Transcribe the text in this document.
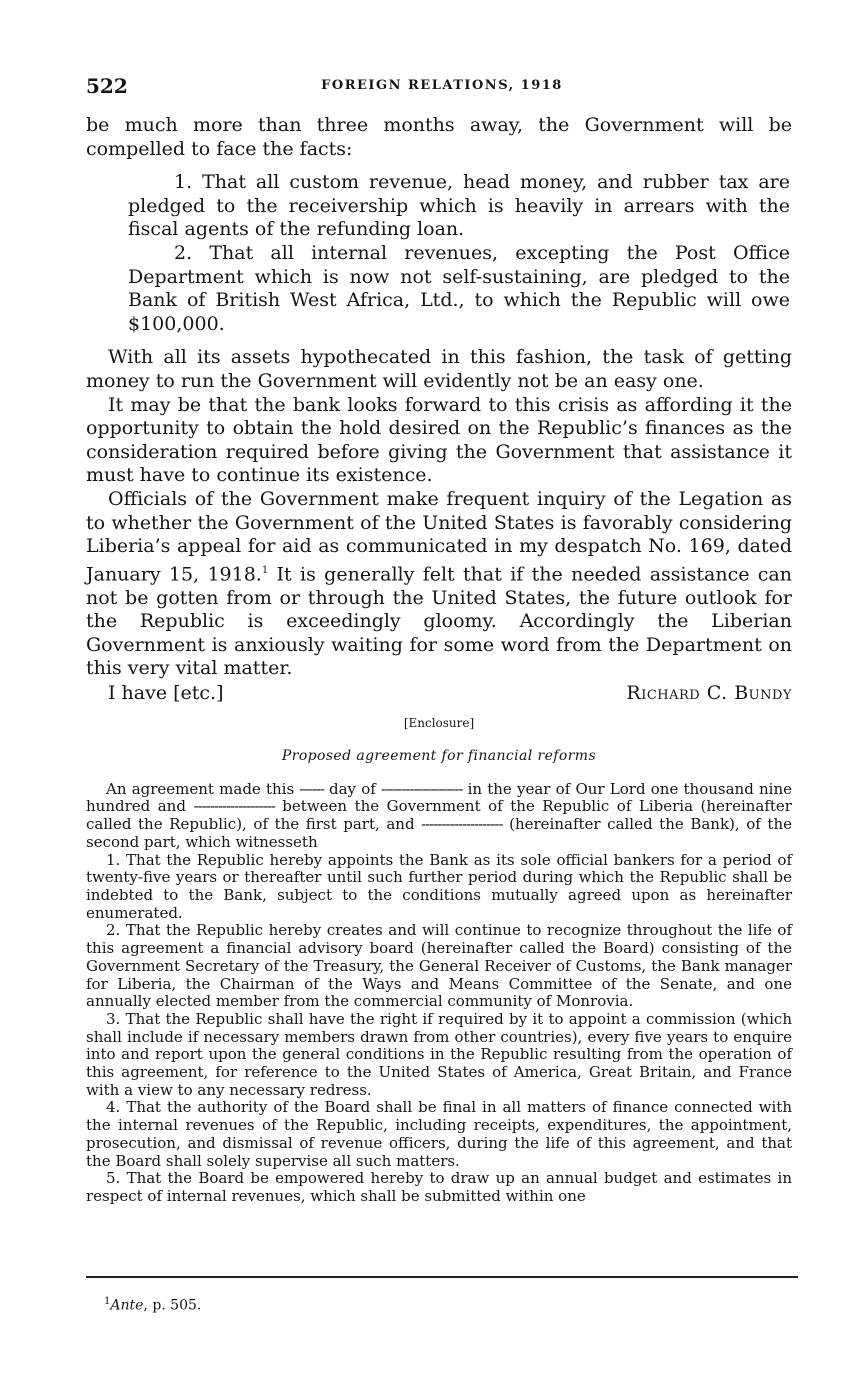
522	FOREIGN RELATIONS, 1918

be much more than three months away, the Government will be compelled to face the facts:

1. That all custom revenue, head money, and rubber tax are pledged to the receivership which is heavily in arrears with the fiscal agents of the refunding loan.

2. That all internal revenues, excepting the Post Office Department which is now not self-sustaining, are pledged to the Bank of British West Africa, Ltd., to which the Republic will owe $100,000.

With all its assets hypothecated in this fashion, the task of getting money to run the Government will evidently not be an easy one.

It may be that the bank looks forward to this crisis as affording it the opportunity to obtain the hold desired on the Republic’s finances as the consideration required before giving the Government that assistance it must have to continue its existence.

Officials of the Government make frequent inquiry of the Legation as to whether the Government of the United States is favorably considering Liberia’s appeal for aid as communicated in my despatch No. 169, dated January 15, 1918.$^1$ It is generally felt that if the needed assistance can not be gotten from or through the United States, the future outlook for the Republic is exceedingly gloomy. Accordingly the Liberian Government is anxiously waiting for some word from the Department on this very vital matter.

I have [etc.]	Richard C. Bundy
[Enclosure]
Proposed agreement for financial reforms

An agreement made this ------ day of -------------------- in the year of Our Lord one thousand nine hundred and -------------------- between the Government of the Republic of Liberia (hereinafter called the Republic), of the first part, and -------------------- (hereinafter called the Bank), of the second part, which witnesseth

1. That the Republic hereby appoints the Bank as its sole official bankers for a period of twenty-five years or thereafter until such further period during which the Republic shall be indebted to the Bank, subject to the conditions mutually agreed upon as hereinafter enumerated.

2. That the Republic hereby creates and will continue to recognize throughout the life of this agreement a financial advisory board (hereinafter called the Board) consisting of the Government Secretary of the Treasury, the General Receiver of Customs, the Bank manager for Liberia, the Chairman of the Ways and Means Committee of the Senate, and one annually elected member from the commercial community of Monrovia.

3. That the Republic shall have the right if required by it to appoint a commission (which shall include if necessary members drawn from other countries), every five years to enquire into and report upon the general conditions in the Republic resulting from the operation of this agreement, for reference to the United States of America, Great Britain, and France with a view to any necessary redress.

4. That the authority of the Board shall be final in all matters of finance connected with the internal revenues of the Republic, including receipts, expenditures, the appointment, prosecution, and dismissal of revenue officers, during the life of this agreement, and that the Board shall solely supervise all such matters.

5. That the Board be empowered hereby to draw up an annual budget and estimates in respect of internal revenues, which shall be submitted within one

$^1$Ante, p. 505.
